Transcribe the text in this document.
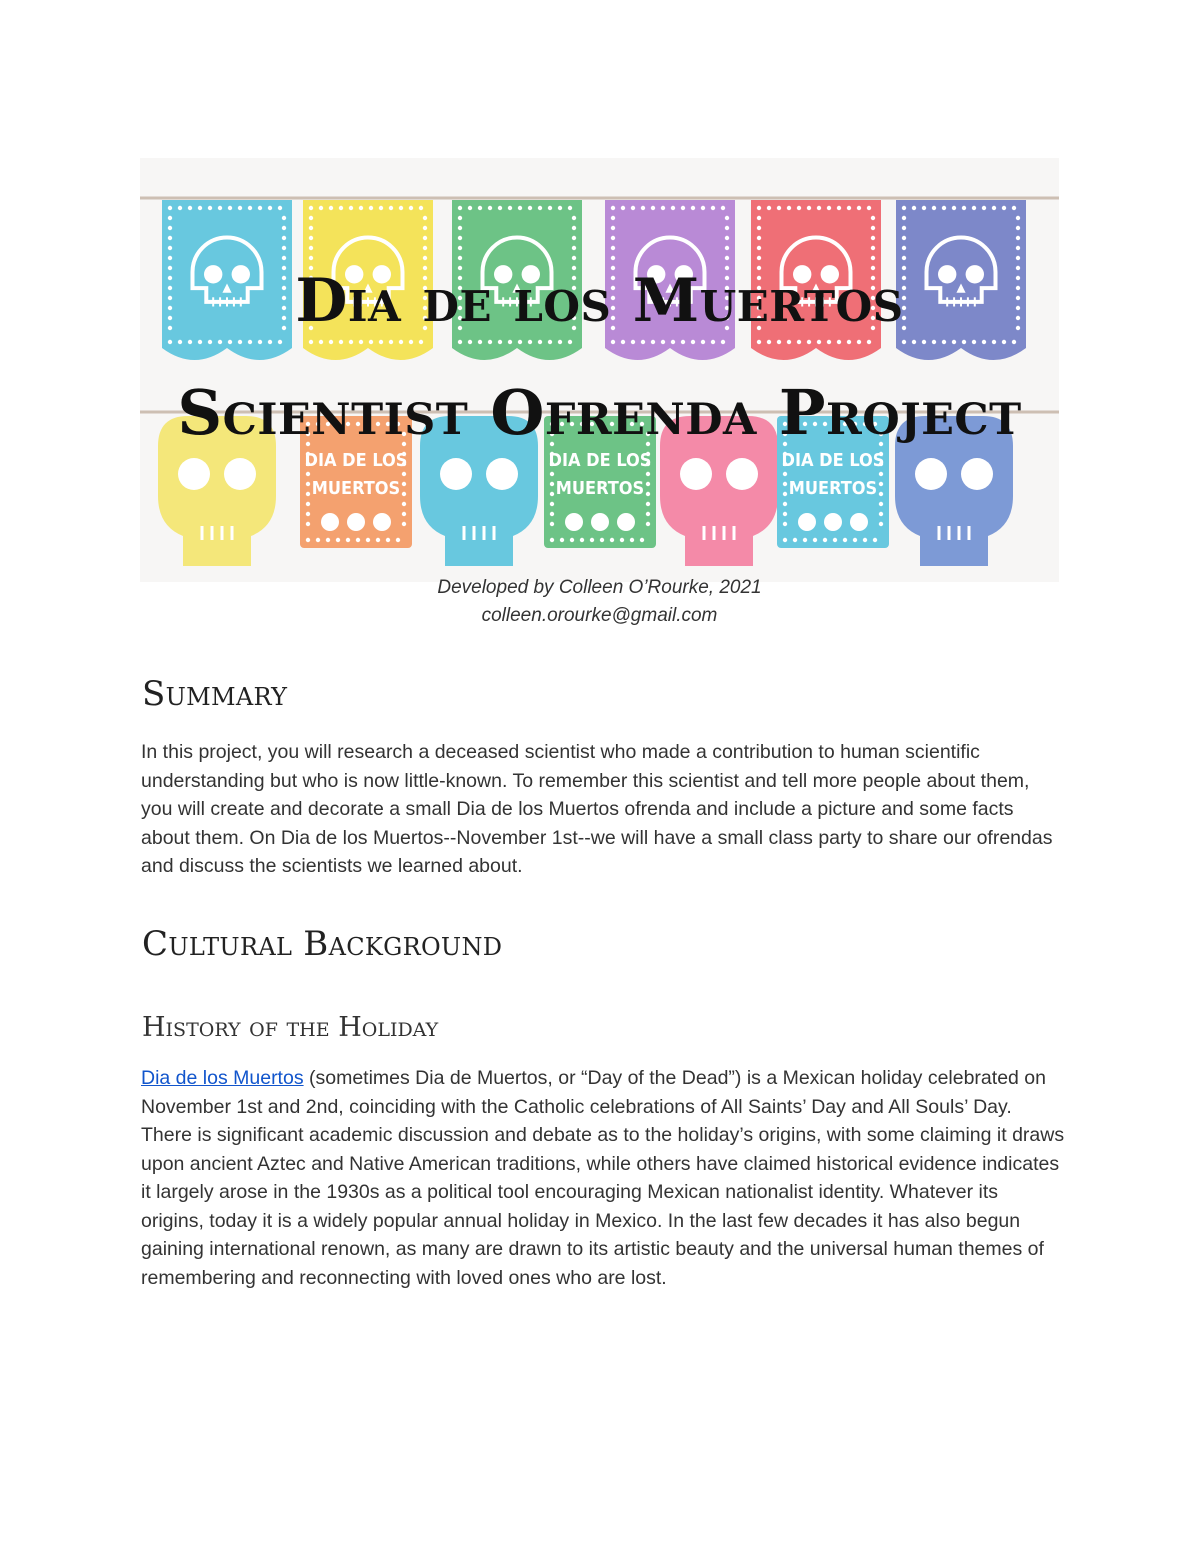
DIA DE LOS
MUERTOS
DIA DE LOS
MUERTOS
DIA DE LOS
MUERTOS
Dia de los Muertos
Scientist Ofrenda Project

Developed by Colleen O’Rourke, 2021

colleen.orourke@gmail.com

Summary

In this project, you will research a deceased scientist who made a contribution to human scientific understanding but who is now little-known. To remember this scientist and tell more people about them, you will create and decorate a small Dia de los Muertos ofrenda and include a picture and some facts about them. On Dia de los Muertos--November 1st--we will have a small class party to share our ofrendas and discuss the scientists we learned about.

Cultural Background
History of the Holiday

Dia de los Muertos (sometimes Dia de Muertos, or “Day of the Dead”) is a Mexican holiday celebrated on November 1st and 2nd, coinciding with the Catholic celebrations of All Saints’ Day and All Souls’ Day. There is significant academic discussion and debate as to the holiday’s origins, with some claiming it draws upon ancient Aztec and Native American traditions, while others have claimed historical evidence indicates it largely arose in the 1930s as a political tool encouraging Mexican nationalist identity. Whatever its origins, today it is a widely popular annual holiday in Mexico. In the last few decades it has also begun gaining international renown, as many are drawn to its artistic beauty and the universal human themes of remembering and reconnecting with loved ones who are lost.
